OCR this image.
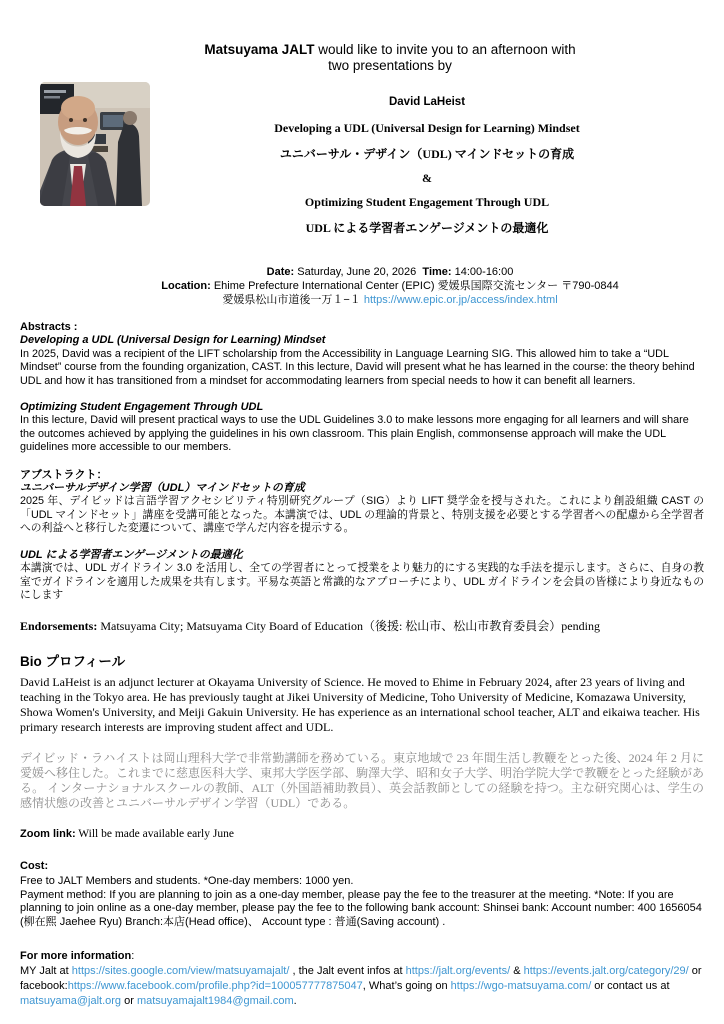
Matsuyama JALT would like to invite you to an afternoon with
two presentations by
David LaHeist
Developing a UDL (Universal Design for Learning) Mindset
ユニバーサル・デザイン（UDL) マインドセットの育成
&
Optimizing Student Engagement Through UDL
UDL による学習者エンゲージメントの最適化
Date: Saturday, June 20, 2026 Time: 14:00-16:00
Location: Ehime Prefecture International Center (EPIC) 愛媛県国際交流センター 〒790-0844
愛媛県松山市道後一万１−１ https://www.epic.or.jp/access/index.html
Abstracts :
Developing a UDL (Universal Design for Learning) Mindset

In 2025, David was a recipient of the LIFT scholarship from the Accessibility in Language Learning SIG. This allowed him to take a “UDL Mindset” course from the founding organization, CAST. In this lecture, David will present what he has learned in the course: the theory behind UDL and how it has transitioned from a mindset for accommodating learners from special needs to how it can benefit all learners.

Optimizing Student Engagement Through UDL

In this lecture, David will present practical ways to use the UDL Guidelines 3.0 to make lessons more engaging for all learners and will share the outcomes achieved by applying the guidelines in his own classroom. This plain English, commonsense approach will make the UDL guidelines more accessible to our members.

アブストラクト：
ユニバーサルデザイン学習（UDL）マインドセットの育成

2025 年、デイビッドは言語学習アクセシビリティ特別研究グループ（SIG）より LIFT 奨学金を授与された。これにより創設組織 CAST の「UDL マインドセット」講座を受講可能となった。本講演では、UDL の理論的背景と、特別支援を必要とする学習者への配慮から全学習者への利益へと移行した変遷について、講座で学んだ内容を提示する。

UDL による学習者エンゲージメントの最適化

本講演では、UDL ガイドライン 3.0 を活用し、全ての学習者にとって授業をより魅力的にする実践的な手法を提示します。さらに、自身の教室でガイドラインを適用した成果を共有します。平易な英語と常識的なアプローチにより、UDL ガイドラインを会員の皆様により身近なものにします

Endorsements: Matsuyama City; Matsuyama City Board of Education（後援: 松山市、松山市教育委員会）pending
Bio プロフィール

David LaHeist is an adjunct lecturer at Okayama University of Science. He moved to Ehime in February 2024, after 23 years of living and teaching in the Tokyo area. He has previously taught at Jikei University of Medicine, Toho University of Medicine, Komazawa University, Showa Women's University, and Meiji Gakuin University. He has experience as an international school teacher, ALT and eikaiwa teacher. His primary research interests are improving student affect and UDL.

デイビッド・ラハイストは岡山理科大学で非常勤講師を務めている。東京地域で 23 年間生活し教鞭をとった後、2024 年 2 月に愛媛へ移住した。これまでに慈恵医科大学、東邦大学医学部、駒澤大学、昭和女子大学、明治学院大学で教鞭をとった経験がある。 インターナショナルスクールの教師、ALT（外国語補助教員）、英会話教師としての経験を持つ。主な研究関心は、学生の感情状態の改善とユニバーサルデザイン学習（UDL）である。

Zoom link: Will be made available early June
Cost:
Free to JALT Members and students. *One-day members: 1000 yen.
Payment method: If you are planning to join as a one-day member, please pay the fee to the treasurer at the meeting. *Note: If you are planning to join online as a one-day member, please pay the fee to the following bank account: Shinsei bank: Account number: 400 1656054 (柳在熙 Jaehee Ryu) Branch:本店(Head office)、 Account type : 普通(Saving account) .
For more information:
MY Jalt at https://sites.google.com/view/matsuyamajalt/ , the Jalt event infos at https://jalt.org/events/ & https://events.jalt.org/category/29/ or facebook:https://www.facebook.com/profile.php?id=100057777875047, What’s going on https://wgo-matsuyama.com/ or contact us at matsuyama@jalt.org or matsuyamajalt1984@gmail.com.
